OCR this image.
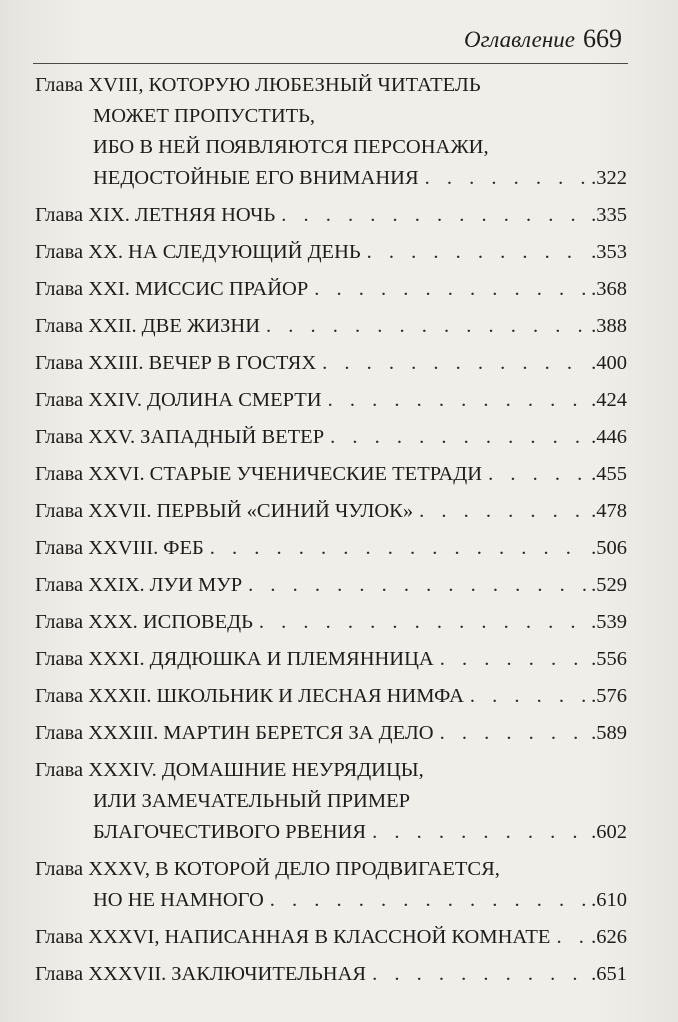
Оглавление 669
Глава XVIII, КОТОРУЮ ЛЮБЕЗНЫЙ ЧИТАТЕЛЬ
МОЖЕТ ПРОПУСТИТЬ,
ИБО В НЕЙ ПОЯВЛЯЮТСЯ ПЕРСОНАЖИ,
НЕДОСТОЙНЫЕ ЕГО ВНИМАНИЯ . . .	.322
Глава XIX. ЛЕТНЯЯ НОЧЬ . . .	.335
Глава XX. НА СЛЕДУЮЩИЙ ДЕНЬ . . .	.353
Глава XXI. МИССИС ПРАЙОР . . .	.368
Глава XXII. ДВЕ ЖИЗНИ . . .	.388
Глава XXIII. ВЕЧЕР В ГОСТЯХ . . .	.400
Глава XXIV. ДОЛИНА СМЕРТИ . . .	.424
Глава XXV. ЗАПАДНЫЙ ВЕТЕР . . .	.446
Глава XXVI. СТАРЫЕ УЧЕНИЧЕСКИЕ ТЕТРАДИ . . .	.455
Глава XXVII. ПЕРВЫЙ «СИНИЙ ЧУЛОК» . . .	.478
Глава XXVIII. ФЕБ . . .	.506
Глава XXIX. ЛУИ МУР . . .	.529
Глава XXX. ИСПОВЕДЬ . . .	.539
Глава XXXI. ДЯДЮШКА И ПЛЕМЯННИЦА . . .	.556
Глава XXXII. ШКОЛЬНИК И ЛЕСНАЯ НИМФА . . .	.576
Глава XXXIII. МАРТИН БЕРЕТСЯ ЗА ДЕЛО . . .	.589
Глава XXXIV. ДОМАШНИЕ НЕУРЯДИЦЫ,
ИЛИ ЗАМЕЧАТЕЛЬНЫЙ ПРИМЕР
БЛАГОЧЕСТИВОГО РВЕНИЯ . . .	.602
Глава XXXV, В КОТОРОЙ ДЕЛО ПРОДВИГАЕТСЯ,
НО НЕ НАМНОГО . . .	.610
Глава XXXVI, НАПИСАННАЯ В КЛАССНОЙ КОМНАТЕ . . . .626
Глава XXXVII. ЗАКЛЮЧИТЕЛЬНАЯ . . .	.651
